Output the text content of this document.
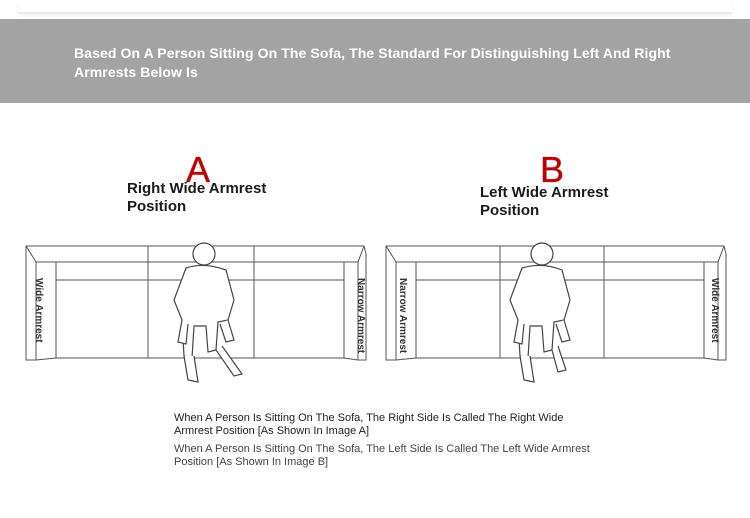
Based On A Person Sitting On The Sofa, The Standard For Distinguishing Left And Right Armrests Below Is
A
Right Wide Armrest
Position
Wide Armrest	Narrow Armrest
B
Left Wide Armrest
Position
Narrow Armrest	Wide Armrest

When A Person Is Sitting On The Sofa, The Right Side Is Called The Right Wide Armrest Position [As Shown In Image A]

When A Person Is Sitting On The Sofa, The Left Side Is Called The Left Wide Armrest Position [As Shown In Image B]
